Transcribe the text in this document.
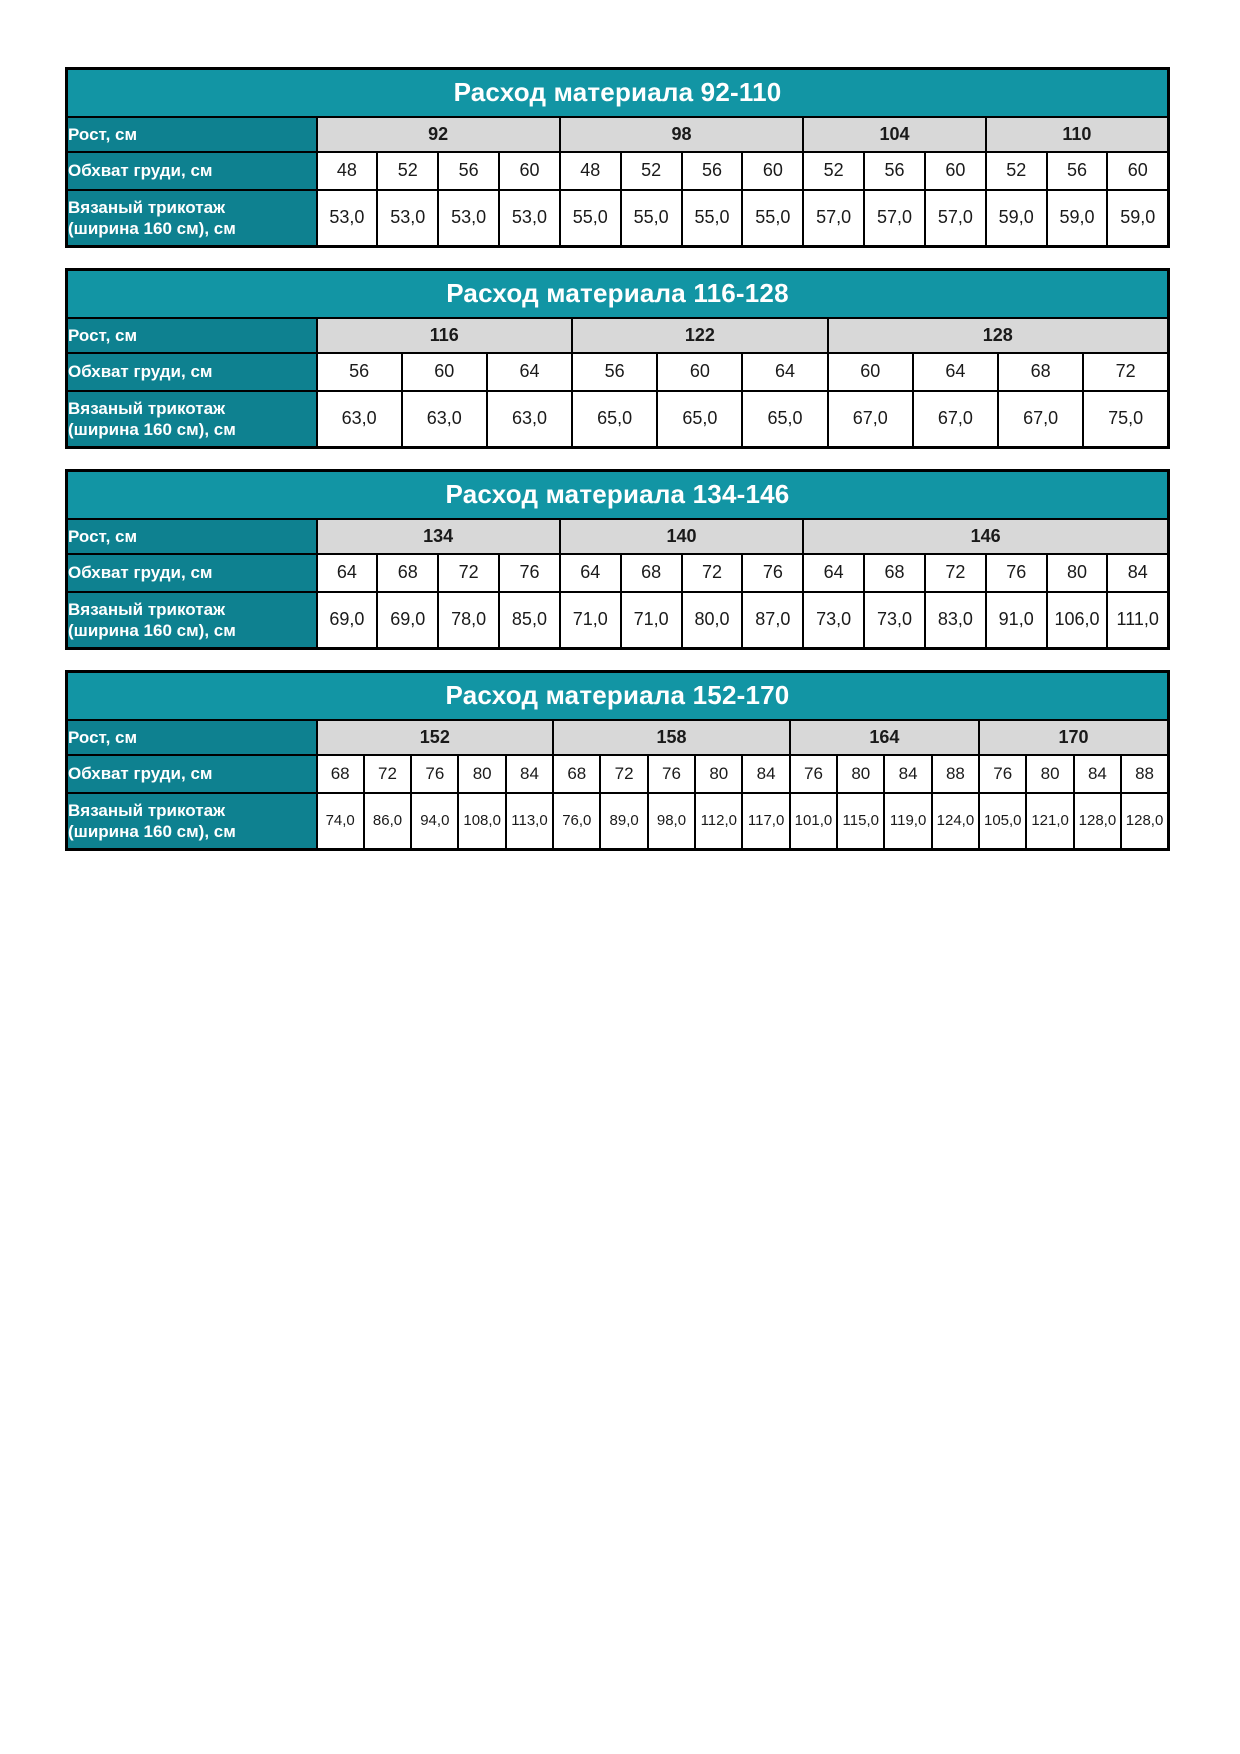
Расход материала 92-110														
Рост, см	92				98				104			110		
Обхват груди, см	48	52	56	60	48	52	56	60	52	56	60	52	56	60

Вязаный трикотаж
(ширина 160 см), см	53,0	53,0	53,0	53,0	55,0	55,0	55,0	55,0	57,0	57,0	57,0	59,0	59,0	59,0
Расход материала 116-128										
Рост, см	116			122			128			
Обхват груди, см	56	60	64	56	60	64	60	64	68	72

Вязаный трикотаж
(ширина 160 см), см	63,0	63,0	63,0	65,0	65,0	65,0	67,0	67,0	67,0	75,0
Расход материала 134-146														
Рост, см	134				140				146					
Обхват груди, см	64	68	72	76	64	68	72	76	64	68	72	76	80	84

Вязаный трикотаж
(ширина 160 см), см	69,0	69,0	78,0	85,0	71,0	71,0	80,0	87,0	73,0	73,0	83,0	91,0	106,0	111,0
Расход материала 152-170																		
Рост, см	152					158					164				170			
Обхват груди, см	68	72	76	80	84	68	72	76	80	84	76	80	84	88	76	80	84	88

Вязаный трикотаж
(ширина 160 см), см	74,0	86,0	94,0	108,0	113,0	76,0	89,0	98,0	112,0	117,0	101,0	115,0	119,0	124,0	105,0	121,0	128,0	128,0
